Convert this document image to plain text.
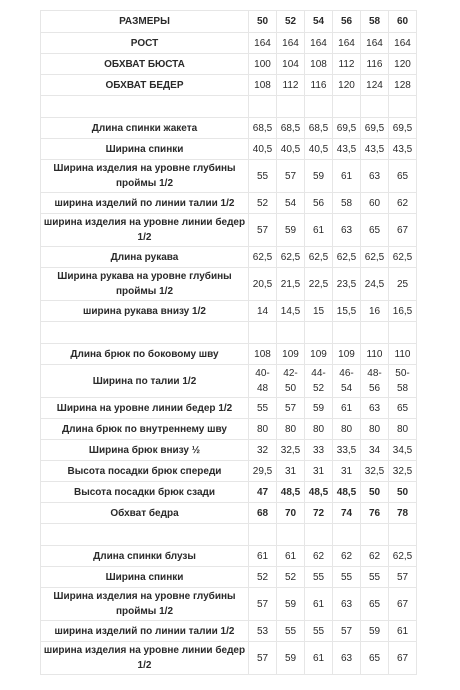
РАЗМЕРЫ	50	52	54	56	58	60
РОСТ	164	164	164	164	164	164
ОБХВАТ БЮСТА	100	104	108	112	116	120
ОБХВАТ БЕДЕР	108	112	116	120	124	128

Длина спинки жакета	68,5	68,5	68,5	69,5	69,5	69,5
Ширина спинки	40,5	40,5	40,5	43,5	43,5	43,5
Ширина изделия на уровне глубины проймы 1/2	55	57	59	61	63	65
ширина изделий по линии талии 1/2	52	54	56	58	60	62
ширина изделия на уровне линии бедер 1/2	57	59	61	63	65	67
Длина рукава	62,5	62,5	62,5	62,5	62,5	62,5
Ширина рукава на уровне глубины проймы 1/2	20,5	21,5	22,5	23,5	24,5	25
ширина рукава внизу 1/2	14	14,5	15	15,5	16	16,5

Длина брюк по боковому шву	108	109	109	109	110	110
Ширина по талии 1/2	40-48	42-50	44-52	46-54	48-56	50-58
Ширина на уровне линии бедер 1/2	55	57	59	61	63	65
Длина брюк по внутреннему шву	80	80	80	80	80	80
Ширина брюк внизу ½	32	32,5	33	33,5	34	34,5
Высота посадки брюк спереди	29,5	31	31	31	32,5	32,5
Высота посадки брюк сзади	47	48,5	48,5	48,5	50	50
Обхват бедра	68	70	72	74	76	78

Длина спинки блузы	61	61	62	62	62	62,5
Ширина спинки	52	52	55	55	55	57
Ширина изделия на уровне глубины проймы 1/2	57	59	61	63	65	67
ширина изделий по линии талии 1/2	53	55	55	57	59	61
ширина изделия на уровне линии бедер 1/2	57	59	61	63	65	67
